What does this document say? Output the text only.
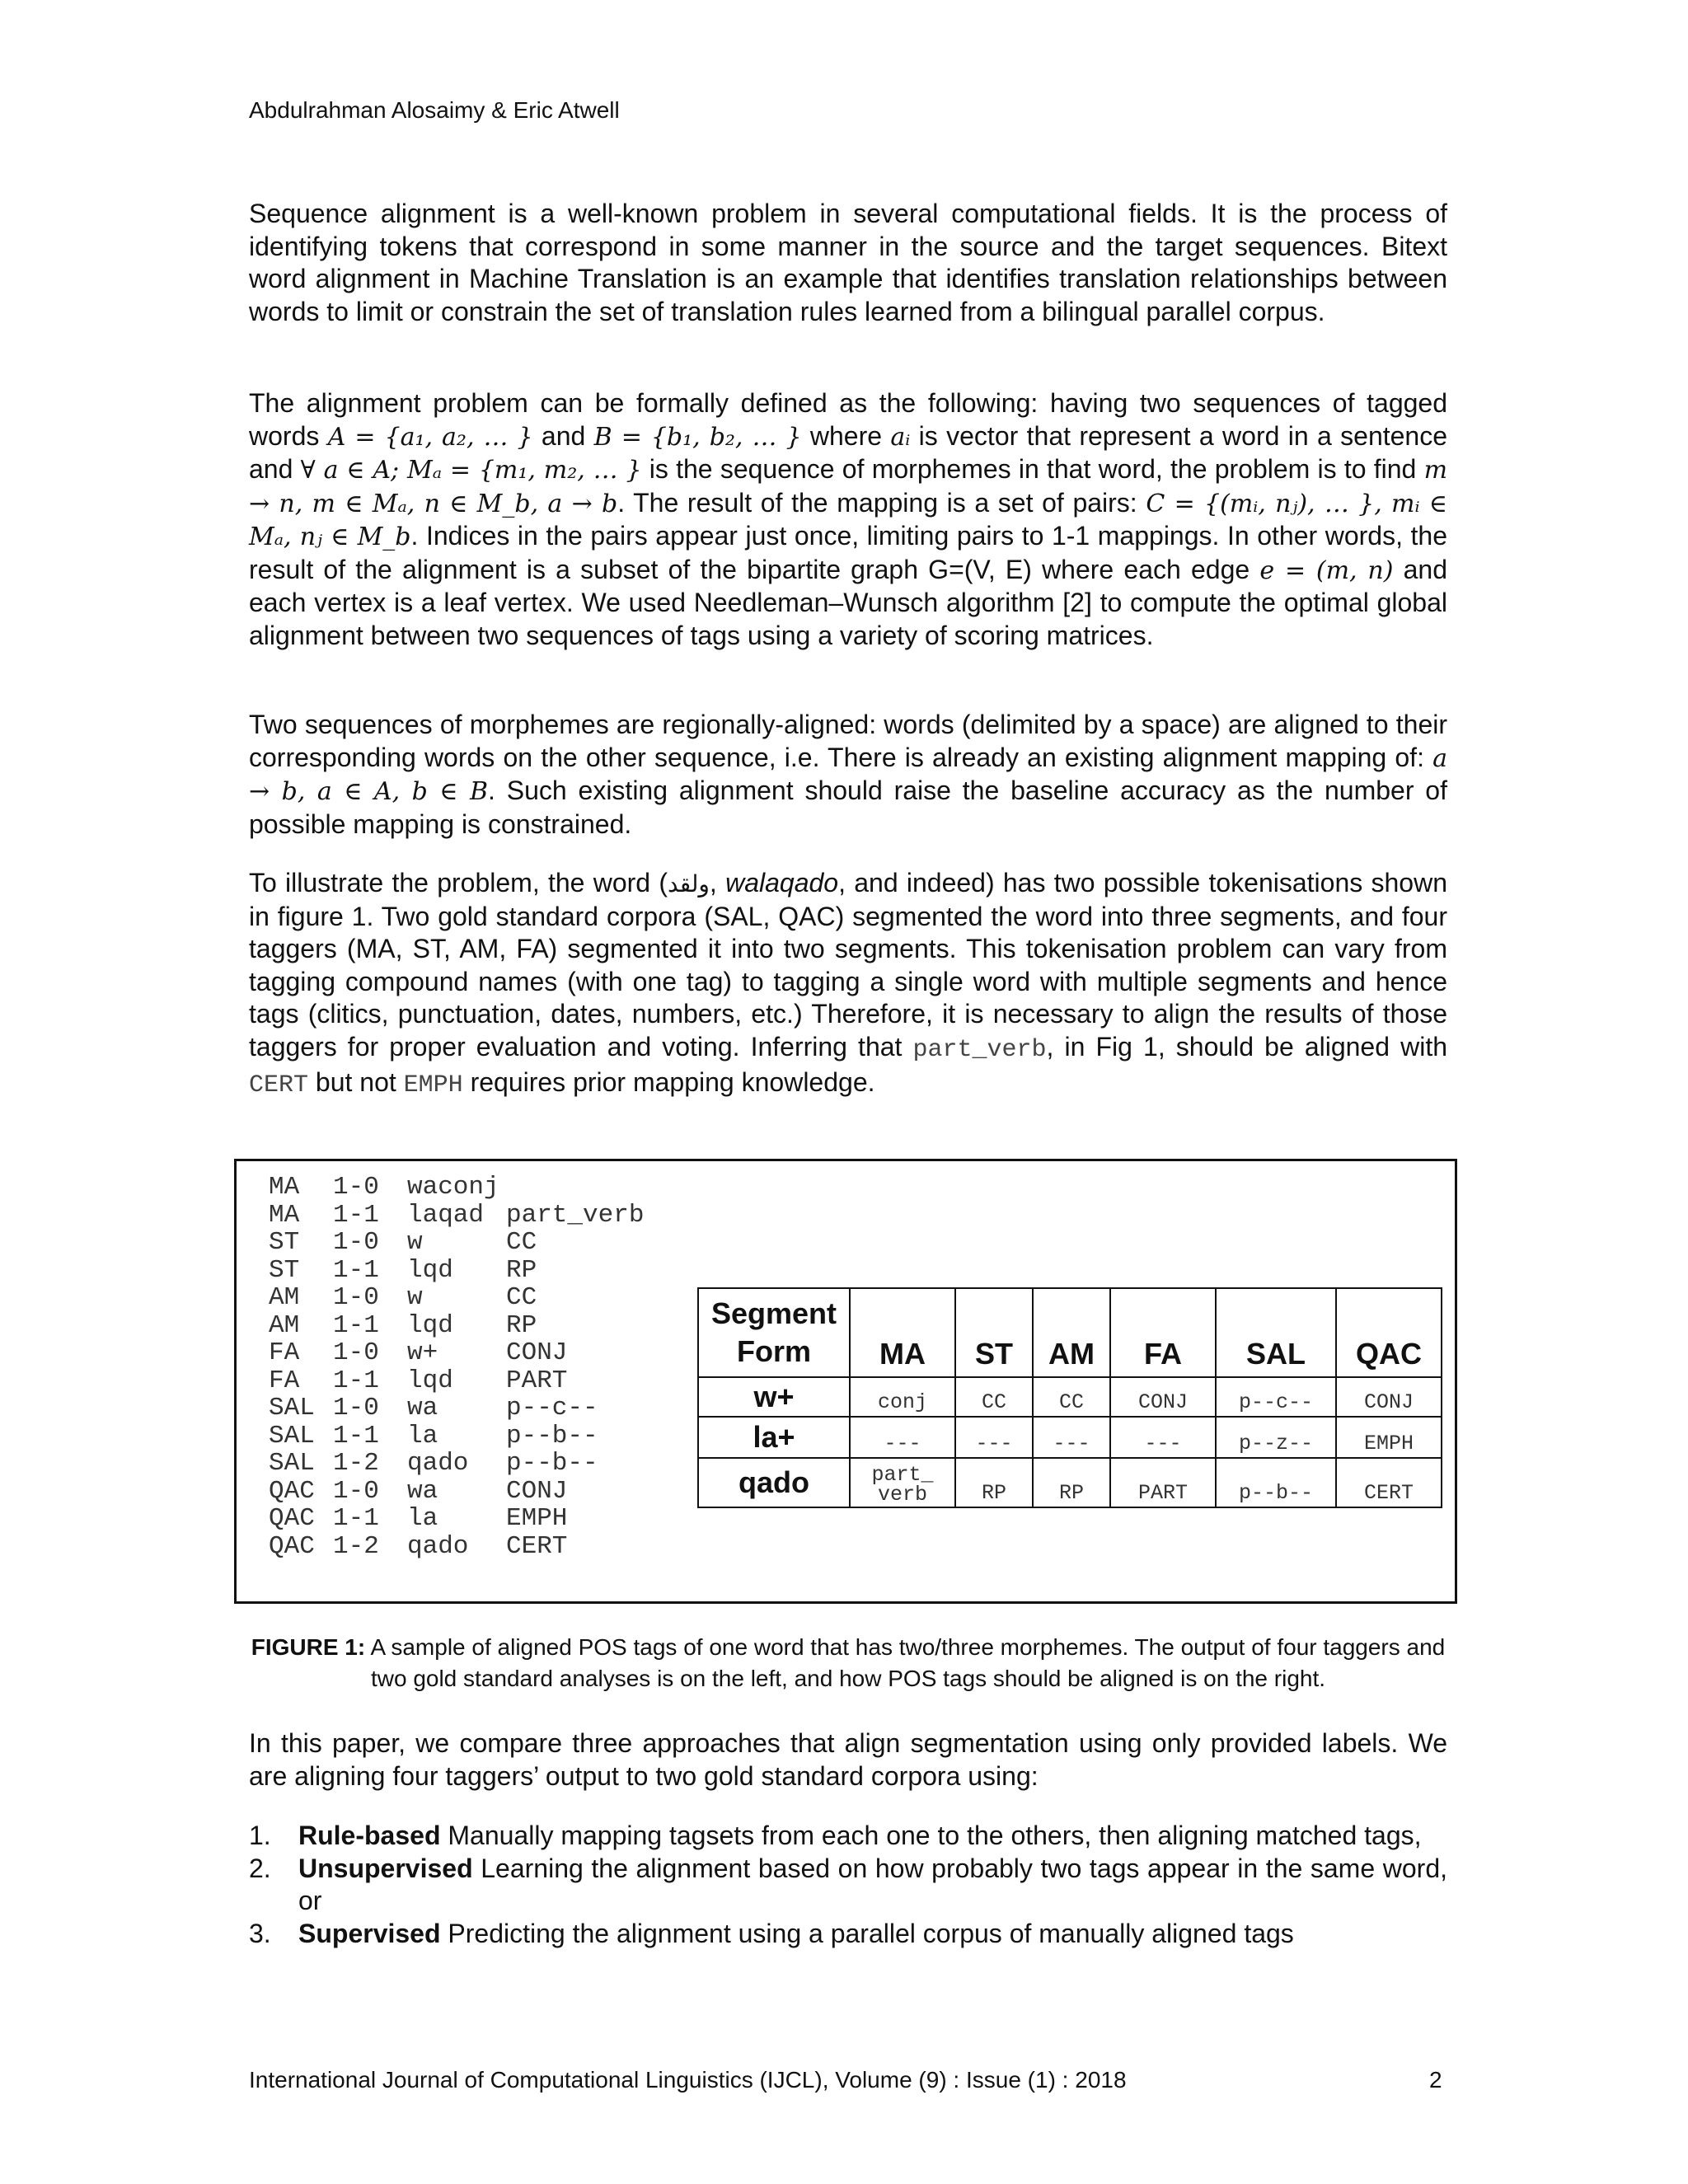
Abdulrahman Alosaimy & Eric Atwell

Sequence alignment is a well-known problem in several computational fields. It is the process of identifying tokens that correspond in some manner in the source and the target sequences. Bitext word alignment in Machine Translation is an example that identifies translation relationships between words to limit or constrain the set of translation rules learned from a bilingual parallel corpus.

The alignment problem can be formally defined as the following: having two sequences of tagged words A = {a₁, a₂, … } and B = {b₁, b₂, … } where aᵢ is vector that represent a word in a sentence and ∀ a ∈ A; Mₐ = {m₁, m₂, … } is the sequence of morphemes in that word, the problem is to find m → n, m ∈ Mₐ, n ∈ M_b, a → b. The result of the mapping is a set of pairs: C = {(mᵢ, nⱼ), … }, mᵢ ∈ Mₐ, nⱼ ∈ M_b. Indices in the pairs appear just once, limiting pairs to 1-1 mappings. In other words, the result of the alignment is a subset of the bipartite graph G=(V, E) where each edge e = (m, n) and each vertex is a leaf vertex. We used Needleman–Wunsch algorithm [2] to compute the optimal global alignment between two sequences of tags using a variety of scoring matrices.

Two sequences of morphemes are regionally-aligned: words (delimited by a space) are aligned to their corresponding words on the other sequence, i.e. There is already an existing alignment mapping of: a → b, a ∈ A, b ∈ B. Such existing alignment should raise the baseline accuracy as the number of possible mapping is constrained.

To illustrate the problem, the word (ولقد, walaqado, and indeed) has two possible tokenisations shown in figure 1. Two gold standard corpora (SAL, QAC) segmented the word into three segments, and four taggers (MA, ST, AM, FA) segmented it into two segments. This tokenisation problem can vary from tagging compound names (with one tag) to tagging a single word with multiple segments and hence tags (clitics, punctuation, dates, numbers, etc.) Therefore, it is necessary to align the results of those taggers for proper evaluation and voting. Inferring that part_verb, in Fig 1, should be aligned with CERT but not EMPH requires prior mapping knowledge.

MA 1-0 waconj
MA 1-1 laqad part_verb
ST 1-0 w	CC
ST 1-1 lqd RP
AM 1-0 w	CC
AM 1-1 lqd RP
FA 1-0 w+	CONJ
FA 1-1 lqd PART
SAL 1-0 wa	p--c--
SAL 1-1 la	p--b--
SAL 1-2 qado p--b--
QAC 1-0 wa	CONJ
QAC 1-1 la	EMPH
QAC 1-2 qado CERT
Segment
Form	MA	ST	AM	FA	SAL	QAC
w+	conj	CC	CC	CONJ	p--c--	CONJ
la+	---	---	---	---	p--z--	EMPH
qado	part_ verb	RP	RP	PART	p--b--	CERT
FIGURE 1: A sample of aligned POS tags of one word that has two/three morphemes. The output of four taggers and two gold standard analyses is on the left, and how POS tags should be aligned is on the right.

In this paper, we compare three approaches that align segmentation using only provided labels. We are aligning four taggers’ output to two gold standard corpora using:

1. Rule-based Manually mapping tagsets from each one to the others, then aligning matched tags,
2. Unsupervised Learning the alignment based on how probably two tags appear in the same word, or
3. Supervised Predicting the alignment using a parallel corpus of manually aligned tags
International Journal of Computational Linguistics (IJCL), Volume (9) : Issue (1) : 2018	2
